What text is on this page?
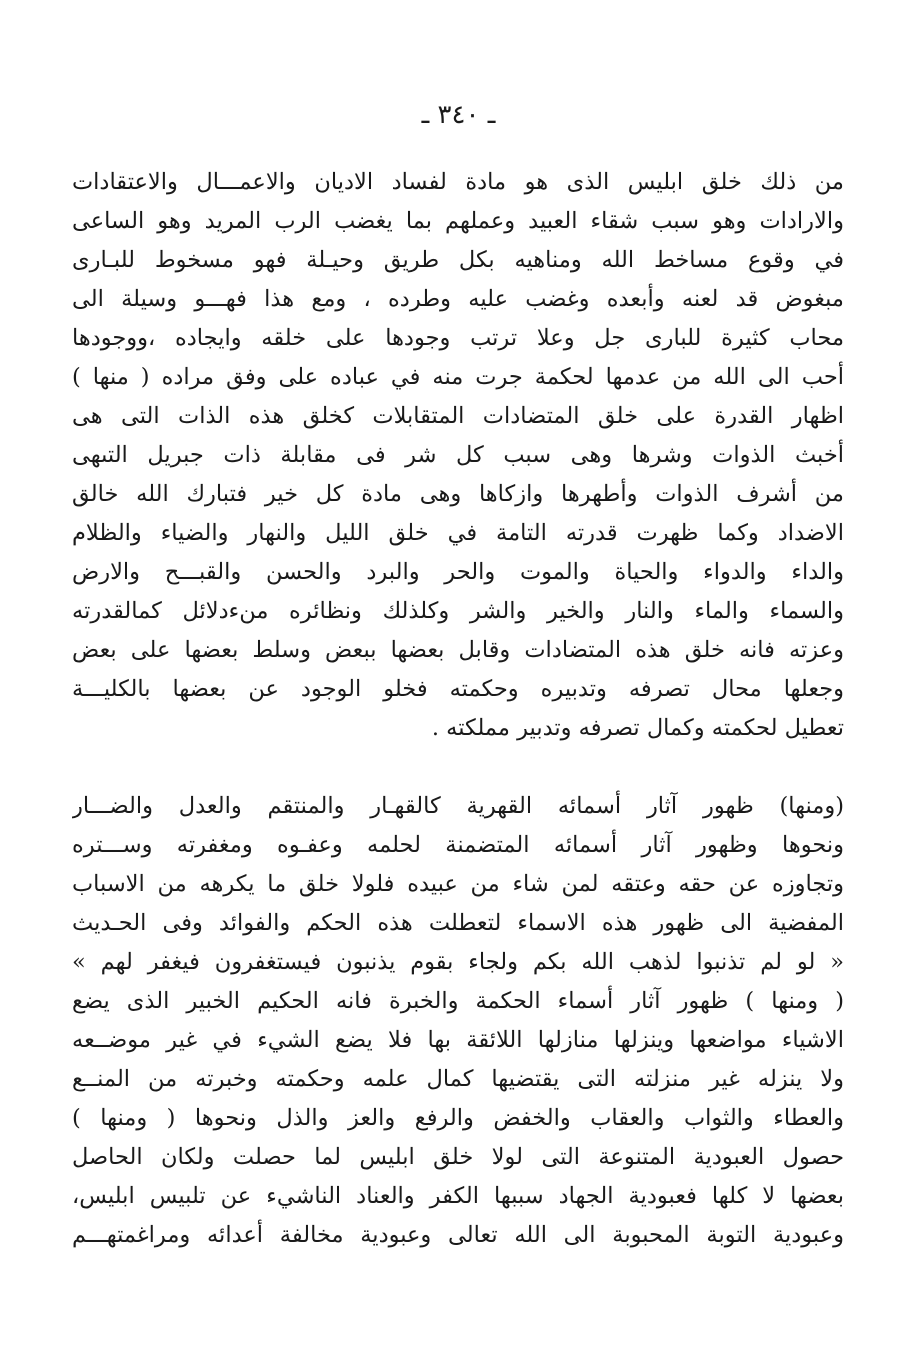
ـ ٣٤٠ ـ
من ذلك خلق ابليس الذى هو مادة لفساد الاديان والاعمـــال والاعتقادات
والارادات وهو سبب شقاء العبيد وعملهم بما يغضب الرب المريد وهو الساعى
في وقوع مساخط الله ومناهيه بكل طريق وحيـلة فهو مسخوط للبـارى
مبغوض قد لعنه وأبعده وغضب عليه وطرده ، ومع هذا فهـــو وسيلة الى
محاب كثيرة للبارى جل وعلا ترتب وجودها على خلقه وايجاده ،ووجودها
أحب الى الله من عدمها لحكمة جرت منه في عباده على وفق مراده ( منها )
اظهار القدرة على خلق المتضادات المتقابلات كخلق هذه الذات التى هى
أخبث الذوات وشرها وهى سبب كل شر فى مقابلة ذات جبريل التىهى
من أشرف الذوات وأطهرها وازكاها وهى مادة كل خير فتبارك الله خالق
الاضداد وكما ظهرت قدرته التامة في خلق الليل والنهار والضياء والظلام
والداء والدواء والحياة والموت والحر والبرد والحسن والقبـــح والارض
والسماء والماء والنار والخير والشر وكلذلك ونظائره منءدلائل كمالقدرته
وعزته فانه خلق هذه المتضادات وقابل بعضها ببعض وسلط بعضها على بعض
وجعلها محال تصرفه وتدبيره وحكمته فخلو الوجود عن بعضها بالكليـــة
تعطيل لحكمته وكمال تصرفه وتدبير مملكته .
(ومنها) ظهور آثار أسمائه القهرية كالقهـار والمنتقم والعدل والضـــار
ونحوها وظهور آثار أسمائه المتضمنة لحلمه وعفـوه ومغفرته وســـتره
وتجاوزه عن حقه وعتقه لمن شاء من عبيده فلولا خلق ما يكرهه من الاسباب
المفضية الى ظهور هذه الاسماء لتعطلت هذه الحكم والفوائد وفى الحـديث
« لو لم تذنبوا لذهب الله بكم ولجاء بقوم يذنبون فيستغفرون فيغفر لهم »
( ومنها ) ظهور آثار أسماء الحكمة والخبرة فانه الحكيم الخبير الذى يضع
الاشياء مواضعها وينزلها منازلها اللائقة بها فلا يضع الشيء في غير موضــعه
ولا ينزله غير منزلته التى يقتضيها كمال علمه وحكمته وخبرته من المنــع
والعطاء والثواب والعقاب والخفض والرفع والعز والذل ونحوها ( ومنها )
حصول العبودية المتنوعة التى لولا خلق ابليس لما حصلت ولكان الحاصل
بعضها لا كلها فعبودية الجهاد سببها الكفر والعناد الناشيء عن تلبيس ابليس،
وعبودية التوبة المحبوبة الى الله تعالى وعبودية مخالفة أعدائه ومراغمتهـــم
